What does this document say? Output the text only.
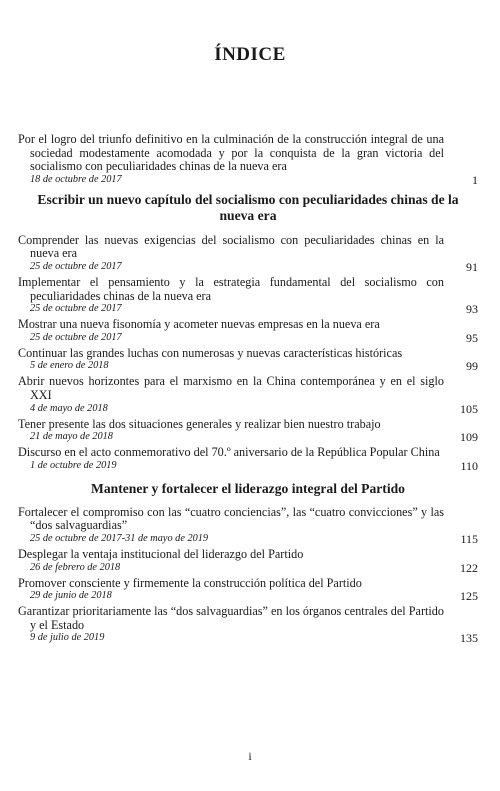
ÍNDICE
Por el logro del triunfo definitivo en la culminación de la construcción integral de una sociedad modestamente acomodada y por la conquista de la gran victoria del socialismo con peculiaridades chinas de la nueva era
18 de octubre de 2017	1
Escribir un nuevo capítulo del socialismo con peculiaridades chinas de la nueva era
Comprender las nuevas exigencias del socialismo con peculiaridades chinas en la nueva era
25 de octubre de 2017	91
Implementar el pensamiento y la estrategia fundamental del socialismo con peculiaridades chinas de la nueva era
25 de octubre de 2017	93
Mostrar una nueva fisonomía y acometer nuevas empresas en la nueva era
25 de octubre de 2017	95
Continuar las grandes luchas con numerosas y nuevas características históricas
5 de enero de 2018	99
Abrir nuevos horizontes para el marxismo en la China contemporánea y en el siglo XXI
4 de mayo de 2018	105
Tener presente las dos situaciones generales y realizar bien nuestro trabajo
21 de mayo de 2018	109
Discurso en el acto conmemorativo del 70.º aniversario de la República Popular China
1 de octubre de 2019	110
Mantener y fortalecer el liderazgo integral del Partido
Fortalecer el compromiso con las “cuatro conciencias”, las “cuatro convicciones” y las “dos salvaguardias”
25 de octubre de 2017-31 de mayo de 2019	115
Desplegar la ventaja institucional del liderazgo del Partido
26 de febrero de 2018	122
Promover consciente y firmemente la construcción política del Partido
29 de junio de 2018	125
Garantizar prioritariamente las “dos salvaguardias” en los órganos centrales del Partido y el Estado
9 de julio de 2019	135
i
